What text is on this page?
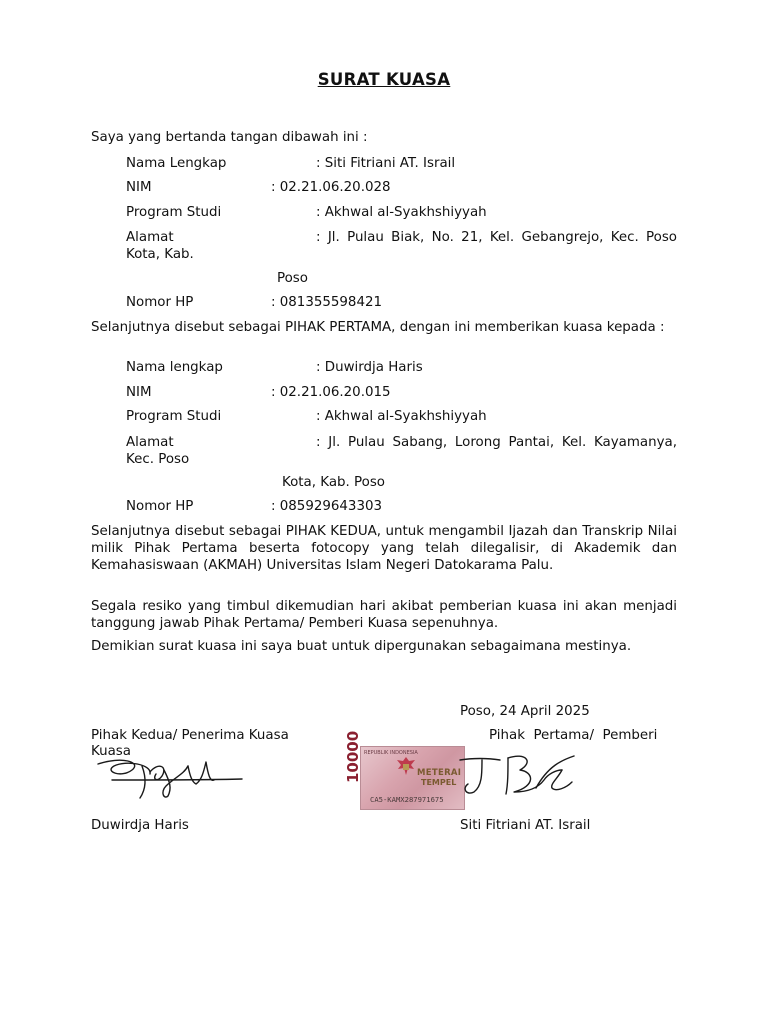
SURAT KUASA
Saya yang bertanda tangan dibawah ini :
Nama Lengkap	: Siti Fitriani AT. Israil
NIM	: 02.21.06.20.028
Program Studi	: Akhwal al-Syakhshiyyah
Alamat	: Jl. Pulau Biak, No. 21, Kel. Gebangrejo, Kec. Poso Kota, Kab.
Poso
Nomor HP	: 081355598421
Selanjutnya disebut sebagai PIHAK PERTAMA, dengan ini memberikan kuasa kepada :
Nama lengkap	: Duwirdja Haris
NIM	: 02.21.06.20.015
Program Studi	: Akhwal al-Syakhshiyyah
Alamat	: Jl. Pulau Sabang, Lorong Pantai, Kel. Kayamanya, Kec. Poso
Kota, Kab. Poso
Nomor HP	: 085929643303
Selanjutnya disebut sebagai PIHAK KEDUA, untuk mengambil Ijazah dan Transkrip Nilai milik Pihak Pertama beserta fotocopy yang telah dilegalisir, di Akademik dan Kemahasiswaan (AKMAH) Universitas Islam Negeri Datokarama Palu.
Segala resiko yang timbul dikemudian hari akibat pemberian kuasa ini akan menjadi tanggung jawab Pihak Pertama/ Pemberi Kuasa sepenuhnya.
Demikian surat kuasa ini saya buat untuk dipergunakan sebagaimana mestinya.
Poso, 24 April 2025
Pihak Kedua/ Penerima Kuasa
Kuasa
Pihak  Pertama/  Pemberi
REPUBLIK INDONESIA
10000	METERAI
TEMPEL
CA5-KAMX287971675
Duwirdja Haris	Siti Fitriani AT. Israil
